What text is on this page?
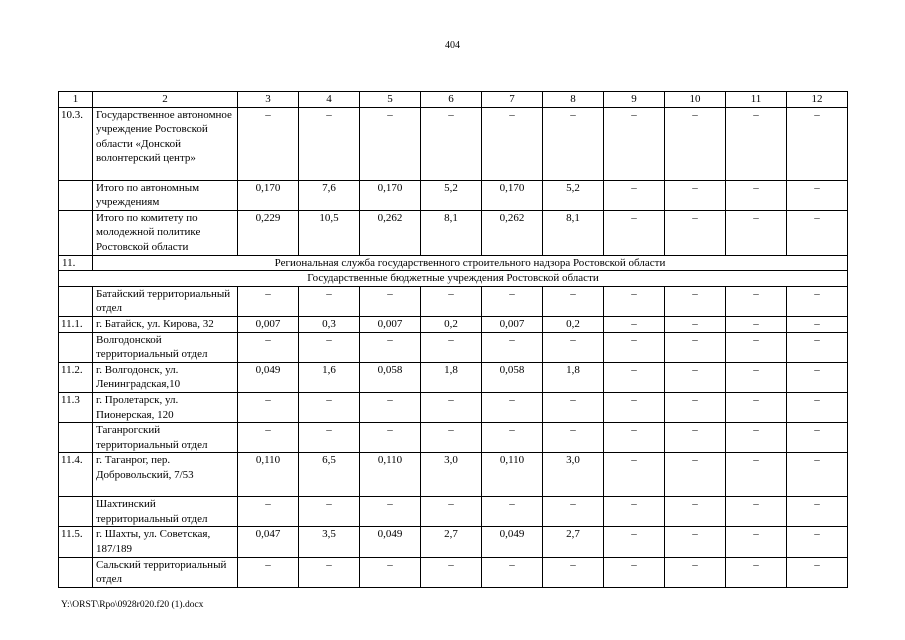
404
1	2	3	4	5	6	7	8	9	10	11	12
10.3.	Государственное автономное учреждение Ростовской области «Донской волонтерский центр»	–	–	–	–	–	–	–	–	–	–
	Итого по автономным учреждениям	0,170	7,6	0,170	5,2	0,170	5,2	–	–	–	–
	Итого по комитету по молодежной политике Ростовской области	0,229	10,5	0,262	8,1	0,262	8,1	–	–	–	–
11.	Региональная служба государственного строительного надзора Ростовской области										
Государственные бюджетные учреждения Ростовской области											
	Батайский территориальный отдел	–	–	–	–	–	–	–	–	–	–
11.1.	г. Батайск, ул. Кирова, 32	0,007	0,3	0,007	0,2	0,007	0,2	–	–	–	–
	Волгодонской территориальный отдел	–	–	–	–	–	–	–	–	–	–
11.2.	г. Волгодонск, ул. Ленинградская,10	0,049	1,6	0,058	1,8	0,058	1,8	–	–	–	–
11.3	г. Пролетарск, ул. Пионерская, 120	–	–	–	–	–	–	–	–	–	–
	Таганрогский территориальный отдел	–	–	–	–	–	–	–	–	–	–
11.4.	г. Таганрог, пер. Добровольский, 7/53	0,110	6,5	0,110	3,0	0,110	3,0	–	–	–	–
	Шахтинский территориальный отдел	–	–	–	–	–	–	–	–	–	–
11.5.	г. Шахты, ул. Советская, 187/189	0,047	3,5	0,049	2,7	0,049	2,7	–	–	–	–
	Сальский территориальный отдел	–	–	–	–	–	–	–	–	–	–
Y:\ORST\Rpo\0928r020.f20 (1).docx
